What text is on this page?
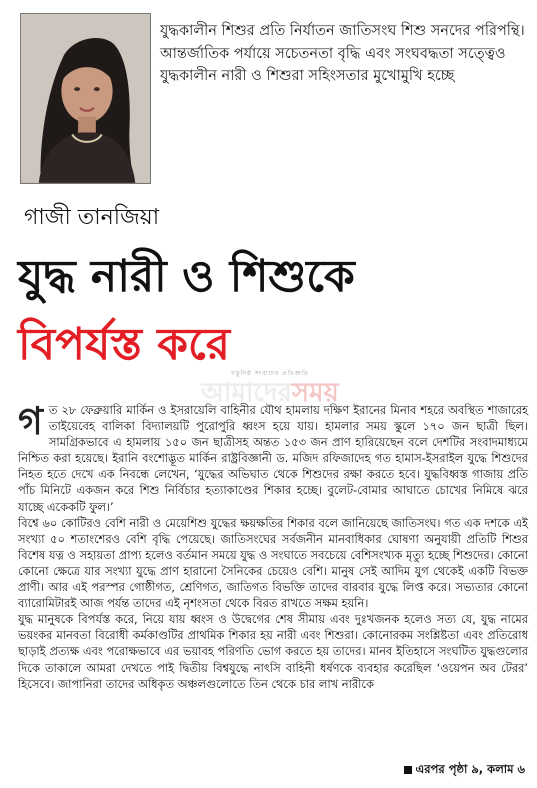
যুদ্ধকালীন শিশুর প্রতি নির্যাতন জাতিসংঘ শিশু সনদের পরিপন্থি। আন্তর্জাতিক পর্যায়ে সচেতনতা বৃদ্ধি এবং সংঘবদ্ধতা সত্ত্বেও যুদ্ধকালীন নারী ও শিশুরা সহিংসতার মুখোমুখি হচ্ছে

গাজী তানজিয়া
যুদ্ধ নারী ও শিশুকে
বিপর্যস্ত করে
বস্তুনিষ্ঠ সংবাদের প্রতিশ্রুতি
আমাদেরসময়

গত ২৮ ফেব্রুয়ারি মার্কিন ও ইসরায়েলি বাহিনীর যৌথ হামলায় দক্ষিণ ইরানের মিনাব শহরে অবস্থিত শাজারেহ তাইয়েবেহ বালিকা বিদ্যালয়টি পুরোপুরি ধ্বংস হয়ে যায়। হামলার সময় স্কুলে ১৭০ জন ছাত্রী ছিল। সামগ্রিকভাবে এ হামলায় ১৫০ জন ছাত্রীসহ অন্তত ১৫৩ জন প্রাণ হারিয়েছেন বলে দেশটির সংবাদমাধ্যমে নিশ্চিত করা হয়েছে। ইরানি বংশোদ্ভূত মার্কিন রাষ্ট্রবিজ্ঞানী ড. মজিদ রফিজাদেহ গত হামাস-ইসরাইল যুদ্ধে শিশুদের নিহত হতে দেখে এক নিবন্ধে লেখেন, ‘যুদ্ধের অভিঘাত থেকে শিশুদের রক্ষা করতে হবে। যুদ্ধবিধ্বস্ত গাজায় প্রতি পাঁচ মিনিটে একজন করে শিশু নির্বিচার হত্যাকাণ্ডের শিকার হচ্ছে। বুলেট-বোমার আঘাতে চোখের নিমিষে ঝরে যাচ্ছে একেকটি ফুল।’

বিশ্বে ৬০ কোটিরও বেশি নারী ও মেয়েশিশু যুদ্ধের ক্ষয়ক্ষতির শিকার বলে জানিয়েছে জাতিসংঘ। গত এক দশকে এই সংখ্যা ৫০ শতাংশেরও বেশি বৃদ্ধি পেয়েছে। জাতিসংঘের সর্বজনীন মানবাধিকার ঘোষণা অনুযায়ী প্রতিটি শিশুর বিশেষ যত্ন ও সহায়তা প্রাপ্য হলেও বর্তমান সময়ে যুদ্ধ ও সংঘাতে সবচেয়ে বেশিসংখ্যক মৃত্যু হচ্ছে শিশুদের। কোনো কোনো ক্ষেত্রে যার সংখ্যা যুদ্ধে প্রাণ হারানো সৈনিকের চেয়েও বেশি। মানুষ সেই আদিম যুগ থেকেই একটি বিভক্ত প্রাণী। আর এই পরস্পর গোষ্ঠীগত, শ্রেণিগত, জাতিগত বিভক্তি তাদের বারবার যুদ্ধে লিপ্ত করে। সভ্যতার কোনো ব্যারোমিটারই আজ পর্যন্ত তাদের এই নৃশংসতা থেকে বিরত রাখতে সক্ষম হয়নি।

যুদ্ধ মানুষকে বিপর্যস্ত করে, নিয়ে যায় ধ্বংস ও উদ্বেগের শেষ সীমায় এবং দুঃখজনক হলেও সত্য যে, যুদ্ধ নামের ভয়ংকর মানবতা বিরোধী কর্মকাণ্ডটির প্রাথমিক শিকার হয় নারী এবং শিশুরা। কোনোরকম সংশ্লিষ্টতা এবং প্রতিরোধ ছাড়াই প্রত্যক্ষ এবং পরোক্ষভাবে এর ভয়াবহ পরিণতি ভোগ করতে হয় তাদের। মানব ইতিহাসে সংঘটিত যুদ্ধগুলোর দিকে তাকালে আমরা দেখতে পাই দ্বিতীয় বিশ্বযুদ্ধে নাৎসি বাহিনী ধর্ষণকে ব্যবহার করেছিল ‘ওয়েপন অব টেরর’ হিসেবে। জাপানিরা তাদের অধিকৃত অঞ্চলগুলোতে তিন থেকে চার লাখ নারীকে

এরপর পৃষ্ঠা ৯, কলাম ৬
